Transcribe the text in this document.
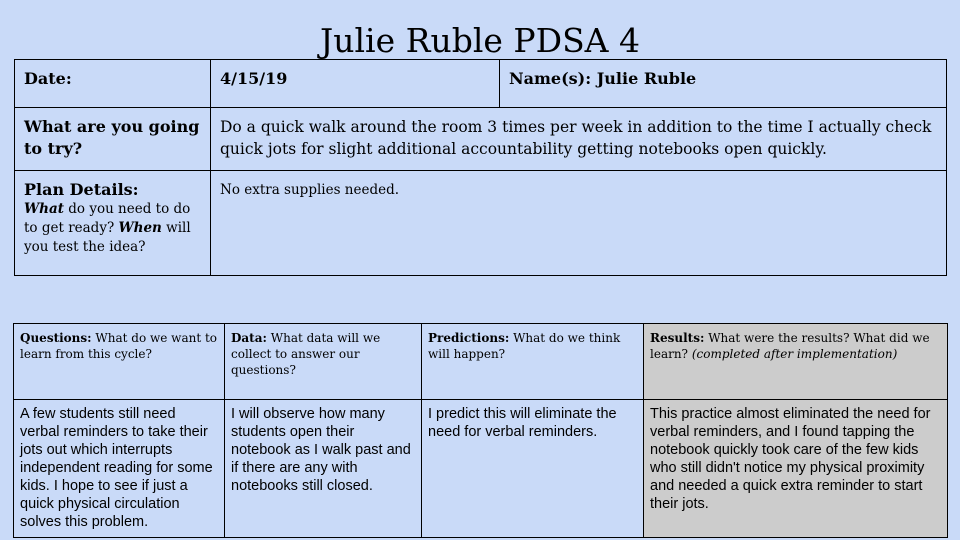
Julie Ruble PDSA 4
Date:	4/15/19	Name(s): Julie Ruble
What are you going to try?	Do a quick walk around the room 3 times per week in addition to the time I actually check quick jots for slight additional accountability getting notebooks open quickly.	

Plan Details:
What do you need to do to get ready? When will you test the idea?	No extra supplies needed.	
Questions: What do we want to learn from this cycle?	Data: What data will we collect to answer our questions?	Predictions: What do we think will happen?	Results: What were the results? What did we learn? (completed after implementation)
A few students still need verbal reminders to take their jots out which interrupts independent reading for some kids. I hope to see if just a quick physical circulation solves this problem.	I will observe how many students open their notebook as I walk past and if there are any with notebooks still closed.	I predict this will eliminate the need for verbal reminders.	This practice almost eliminated the need for verbal reminders, and I found tapping the notebook quickly took care of the few kids who still didn't notice my physical proximity and needed a quick extra reminder to start their jots.
